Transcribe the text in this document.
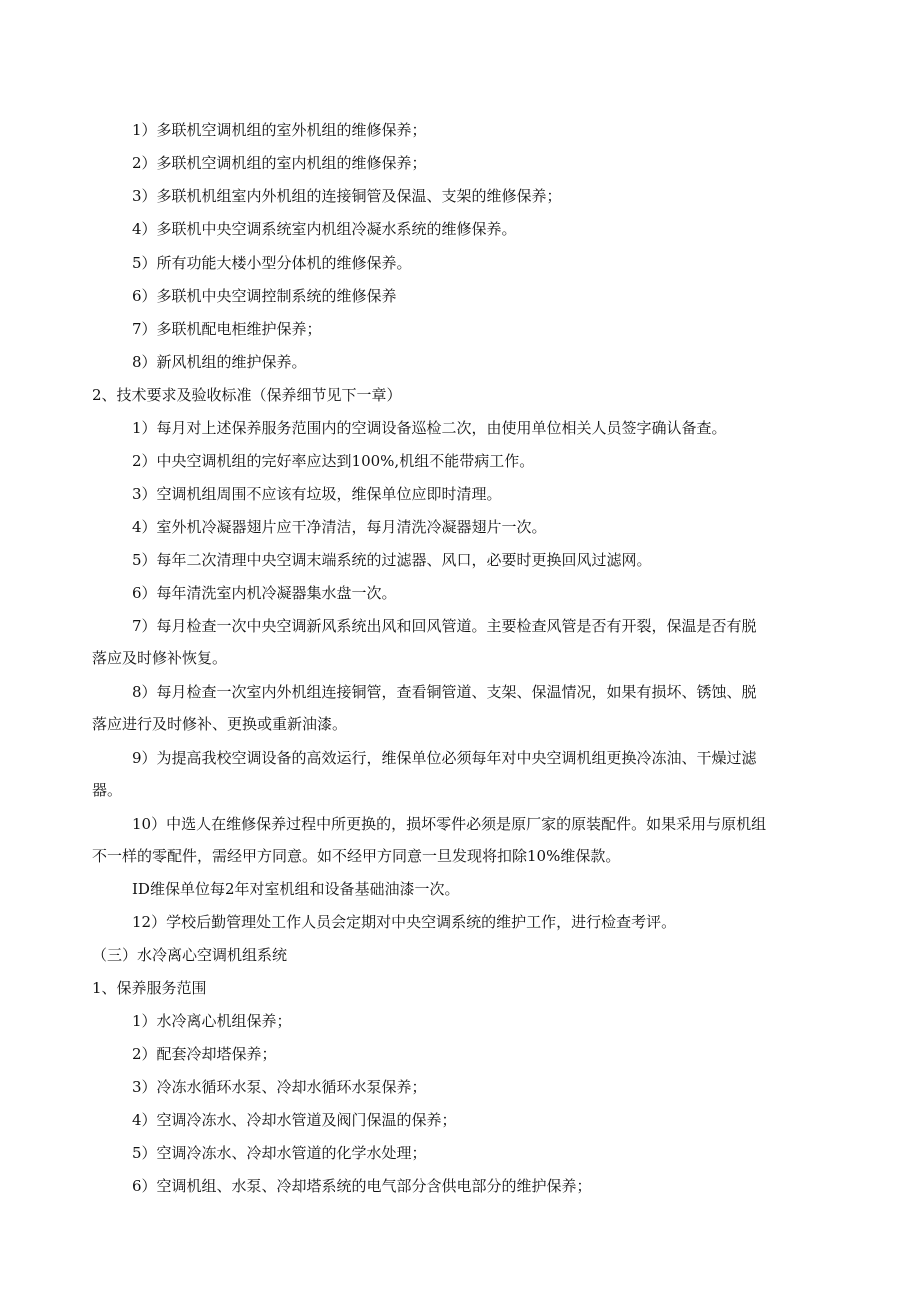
1）多联机空调机组的室外机组的维修保养；
2）多联机空调机组的室内机组的维修保养；
3）多联机机组室内外机组的连接铜管及保温、支架的维修保养；
4）多联机中央空调系统室内机组冷凝水系统的维修保养。
5）所有功能大楼小型分体机的维修保养。
6）多联机中央空调控制系统的维修保养
7）多联机配电柜维护保养；
8）新风机组的维护保养。
2、技术要求及验收标准（保养细节见下一章）
1）每月对上述保养服务范围内的空调设备巡检二次，由使用单位相关人员签字确认备查。
2）中央空调机组的完好率应达到100%,机组不能带病工作。
3）空调机组周围不应该有垃圾，维保单位应即时清理。
4）室外机冷凝器翅片应干净清洁，每月清洗冷凝器翅片一次。
5）每年二次清理中央空调末端系统的过滤器、风口，必要时更换回风过滤网。
6）每年清洗室内机冷凝器集水盘一次。
7）每月检查一次中央空调新风系统出风和回风管道。主要检查风管是否有开裂，保温是否有脱
落应及时修补恢复。
8）每月检查一次室内外机组连接铜管，查看铜管道、支架、保温情况，如果有损坏、锈蚀、脱
落应进行及时修补、更换或重新油漆。
9）为提高我校空调设备的高效运行，维保单位必须每年对中央空调机组更换冷冻油、干燥过滤
器。
10）中选人在维修保养过程中所更换的，损坏零件必须是原厂家的原装配件。如果采用与原机组
不一样的零配件，需经甲方同意。如不经甲方同意一旦发现将扣除10%维保款。
ID维保单位每2年对室机组和设备基础油漆一次。
12）学校后勤管理处工作人员会定期对中央空调系统的维护工作，进行检查考评。
（三）水冷离心空调机组系统
1、保养服务范围
1）水冷离心机组保养；
2）配套冷却塔保养；
3）冷冻水循环水泵、冷却水循环水泵保养；
4）空调冷冻水、冷却水管道及阀门保温的保养；
5）空调冷冻水、冷却水管道的化学水处理；
6）空调机组、水泵、冷却塔系统的电气部分含供电部分的维护保养；
